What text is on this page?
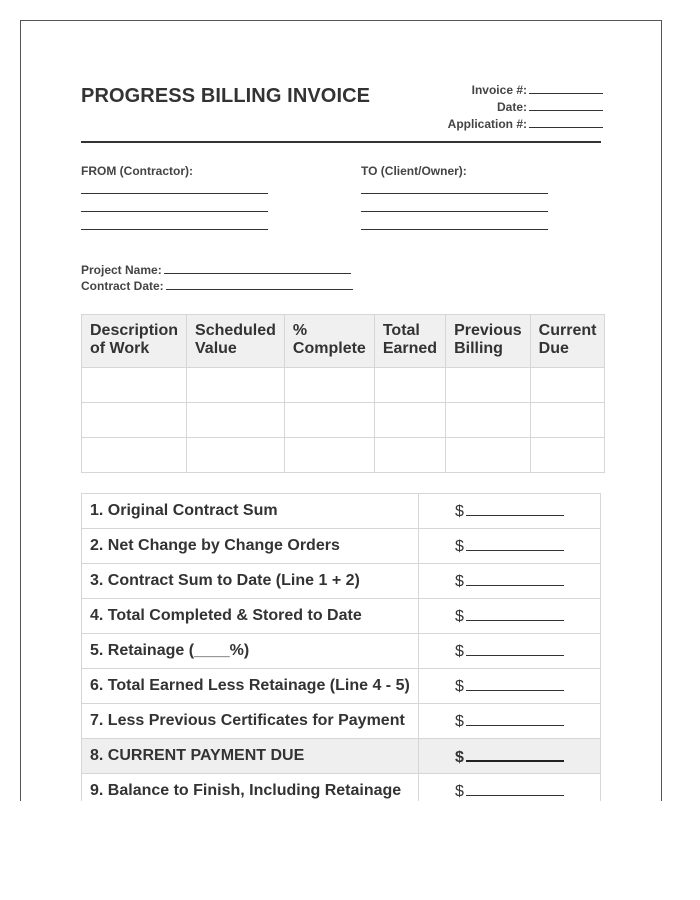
PROGRESS BILLING INVOICE	Invoice #:
Date:
Application #:
FROM (Contractor):	TO (Client/Owner):
Project Name:
Contract Date:
Description of Work	Scheduled Value	% Complete	Total Earned	Previous Billing	Current Due

1. Original Contract Sum	$
2. Net Change by Change Orders	$
3. Contract Sum to Date (Line 1 + 2)	$
4. Total Completed & Stored to Date	$
5. Retainage (____%)	$
6. Total Earned Less Retainage (Line 4 - 5)	$
7. Less Previous Certificates for Payment	$
8. CURRENT PAYMENT DUE	$
9. Balance to Finish, Including Retainage	$
